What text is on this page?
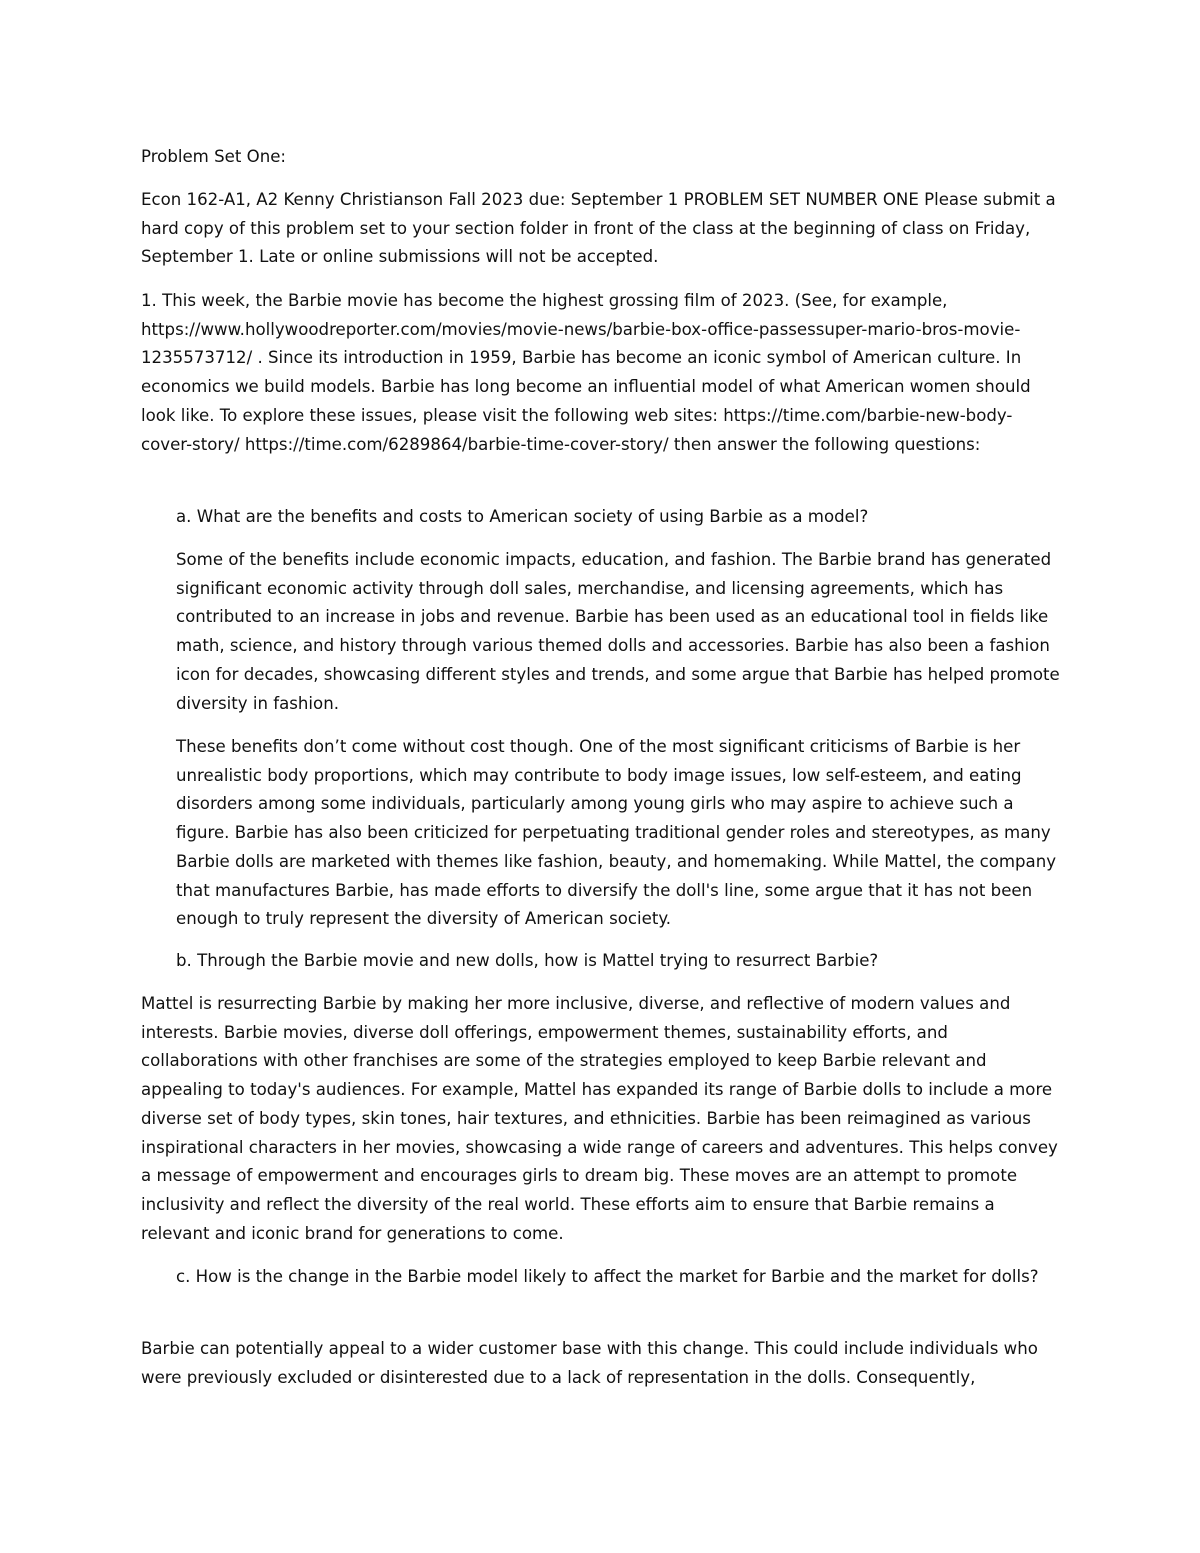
Problem Set One:

Econ 162-A1, A2 Kenny Christianson Fall 2023 due: September 1 PROBLEM SET NUMBER ONE Please submit a hard copy of this problem set to your section folder in front of the class at the beginning of class on Friday, September 1. Late or online submissions will not be accepted.

1. This week, the Barbie movie has become the highest grossing film of 2023. (See, for example, https://www.hollywoodreporter.com/movies/movie-news/barbie-box-office-passessuper-mario-bros-movie-1235573712/ . Since its introduction in 1959, Barbie has become an iconic symbol of American culture. In economics we build models. Barbie has long become an influential model of what American women should look like. To explore these issues, please visit the following web sites: https://time.com/barbie-new-body-cover-story/ https://time.com/6289864/barbie-time-cover-story/ then answer the following questions:

a. What are the benefits and costs to American society of using Barbie as a model?

Some of the benefits include economic impacts, education, and fashion. The Barbie brand has generated significant economic activity through doll sales, merchandise, and licensing agreements, which has contributed to an increase in jobs and revenue. Barbie has been used as an educational tool in fields like math, science, and history through various themed dolls and accessories. Barbie has also been a fashion icon for decades, showcasing different styles and trends, and some argue that Barbie has helped promote diversity in fashion.

These benefits don’t come without cost though. One of the most significant criticisms of Barbie is her unrealistic body proportions, which may contribute to body image issues, low self-esteem, and eating disorders among some individuals, particularly among young girls who may aspire to achieve such a figure. Barbie has also been criticized for perpetuating traditional gender roles and stereotypes, as many Barbie dolls are marketed with themes like fashion, beauty, and homemaking. While Mattel, the company that manufactures Barbie, has made efforts to diversify the doll's line, some argue that it has not been enough to truly represent the diversity of American society.

b. Through the Barbie movie and new dolls, how is Mattel trying to resurrect Barbie?

Mattel is resurrecting Barbie by making her more inclusive, diverse, and reflective of modern values and interests. Barbie movies, diverse doll offerings, empowerment themes, sustainability efforts, and collaborations with other franchises are some of the strategies employed to keep Barbie relevant and appealing to today's audiences. For example, Mattel has expanded its range of Barbie dolls to include a more diverse set of body types, skin tones, hair textures, and ethnicities. Barbie has been reimagined as various inspirational characters in her movies, showcasing a wide range of careers and adventures. This helps convey a message of empowerment and encourages girls to dream big. These moves are an attempt to promote inclusivity and reflect the diversity of the real world. These efforts aim to ensure that Barbie remains a relevant and iconic brand for generations to come.

c. How is the change in the Barbie model likely to affect the market for Barbie and the market for dolls?

Barbie can potentially appeal to a wider customer base with this change. This could include individuals who were previously excluded or disinterested due to a lack of representation in the dolls. Consequently,
